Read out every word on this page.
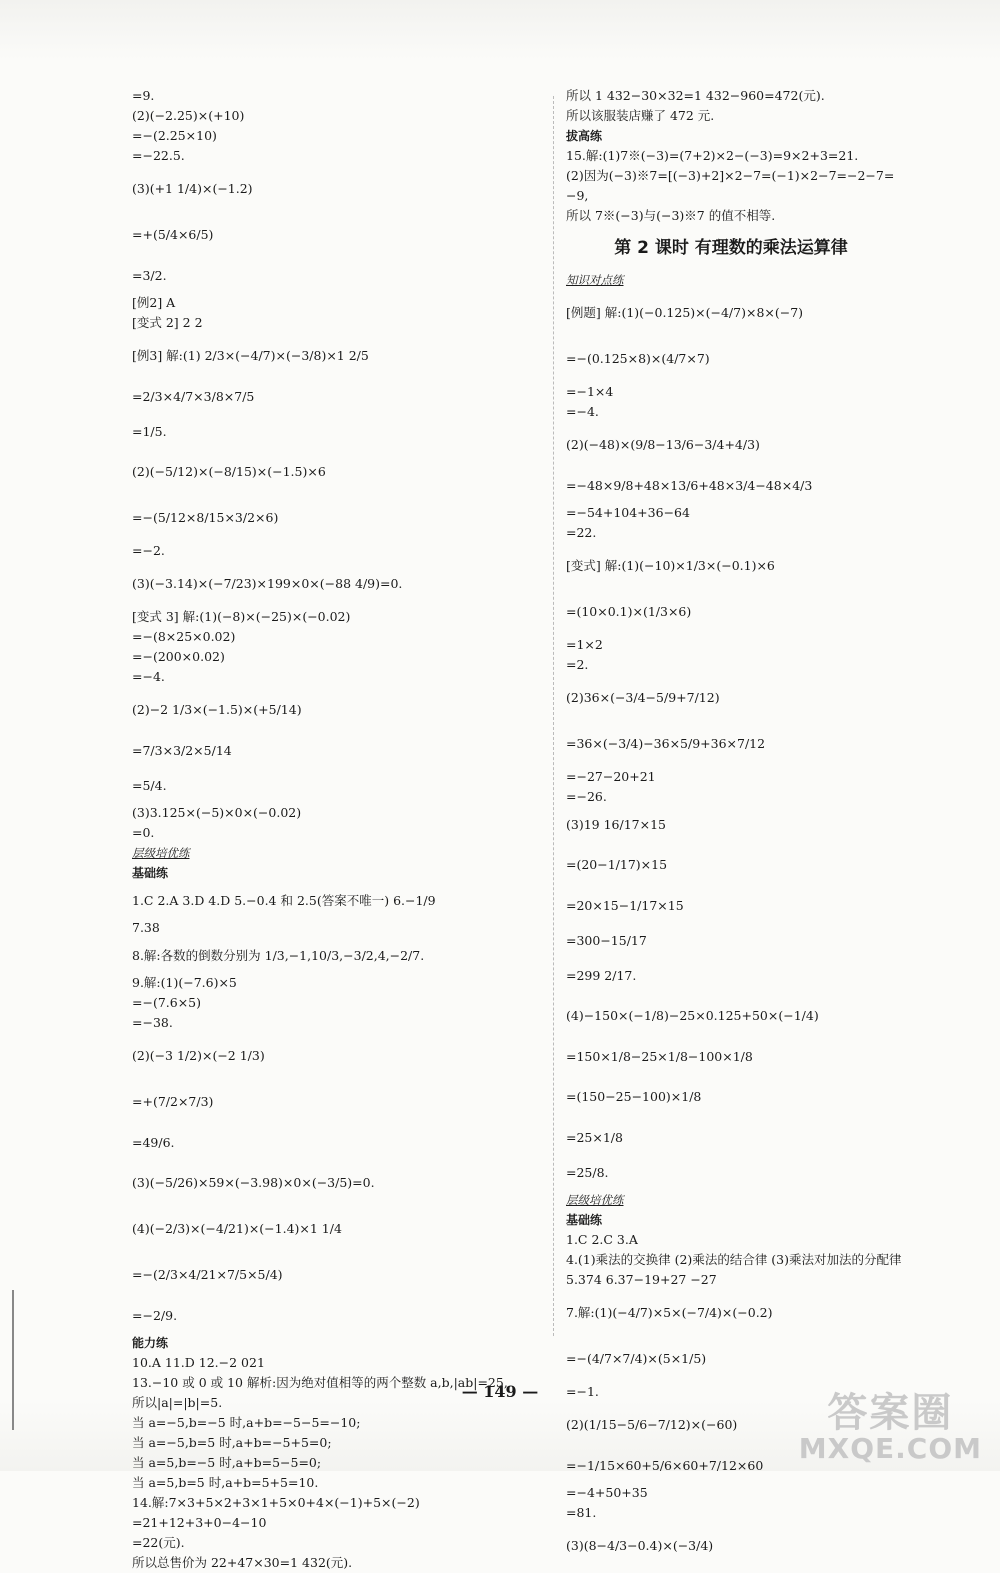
=9.
(2)(−2.25)×(+10)
=−(2.25×10)
=−22.5.
(3)(+1 1/4)×(−1.2)
=+(5/4×6/5)
=3/2.
[例2] A
[变式 2] 2 2
[例3] 解:(1) 2/3×(−4/7)×(−3/8)×1 2/5
=2/3×4/7×3/8×7/5
=1/5.
(2)(−5/12)×(−8/15)×(−1.5)×6
=−(5/12×8/15×3/2×6)
=−2.
(3)(−3.14)×(−7/23)×199×0×(−88 4/9)=0.
[变式 3] 解:(1)(−8)×(−25)×(−0.02)
=−(8×25×0.02)
=−(200×0.02)
=−4.
(2)−2 1/3×(−1.5)×(+5/14)
=7/3×3/2×5/14
=5/4.
(3)3.125×(−5)×0×(−0.02)
=0.
层级培优练
基础练
1.C 2.A 3.D 4.D 5.−0.4 和 2.5(答案不唯一) 6.−1/9
7.38
8.解:各数的倒数分别为 1/3,−1,10/3,−3/2,4,−2/7.
9.解:(1)(−7.6)×5
=−(7.6×5)
=−38.
(2)(−3 1/2)×(−2 1/3)
=+(7/2×7/3)
=49/6.
(3)(−5/26)×59×(−3.98)×0×(−3/5)=0.
(4)(−2/3)×(−4/21)×(−1.4)×1 1/4
=−(2/3×4/21×7/5×5/4)
=−2/9.
能力练
10.A 11.D 12.−2 021
13.−10 或 0 或 10 解析:因为绝对值相等的两个整数 a,b,|ab|=25,
所以|a|=|b|=5.
当 a=−5,b=−5 时,a+b=−5−5=−10;
当 a=−5,b=5 时,a+b=−5+5=0;
当 a=5,b=−5 时,a+b=5−5=0;
当 a=5,b=5 时,a+b=5+5=10.
14.解:7×3+5×2+3×1+5×0+4×(−1)+5×(−2)
=21+12+3+0−4−10
=22(元).
所以总售价为 22+47×30=1 432(元).
所以 1 432−30×32=1 432−960=472(元).
所以该服装店赚了 472 元.
拔高练
15.解:(1)7※(−3)=(7+2)×2−(−3)=9×2+3=21.
(2)因为(−3)※7=[(−3)+2]×2−7=(−1)×2−7=−2−7=
−9,
所以 7※(−3)与(−3)※7 的值不相等.
第 2 课时 有理数的乘法运算律
知识对点练
[例题] 解:(1)(−0.125)×(−4/7)×8×(−7)
=−(0.125×8)×(4/7×7)
=−1×4
=−4.
(2)(−48)×(9/8−13/6−3/4+4/3)
=−48×9/8+48×13/6+48×3/4−48×4/3
=−54+104+36−64
=22.
[变式] 解:(1)(−10)×1/3×(−0.1)×6
=(10×0.1)×(1/3×6)
=1×2
=2.
(2)36×(−3/4−5/9+7/12)
=36×(−3/4)−36×5/9+36×7/12
=−27−20+21
=−26.
(3)19 16/17×15
=(20−1/17)×15
=20×15−1/17×15
=300−15/17
=299 2/17.
(4)−150×(−1/8)−25×0.125+50×(−1/4)
=150×1/8−25×1/8−100×1/8
=(150−25−100)×1/8
=25×1/8
=25/8.
层级培优练
基础练
1.C 2.C 3.A
4.(1)乘法的交换律 (2)乘法的结合律 (3)乘法对加法的分配律
5.374 6.37−19+27 −27
7.解:(1)(−4/7)×5×(−7/4)×(−0.2)
=−(4/7×7/4)×(5×1/5)
=−1.
(2)(1/15−5/6−7/12)×(−60)
=−1/15×60+5/6×60+7/12×60
=−4+50+35
=81.
(3)(8−4/3−0.4)×(−3/4)
— 149 —	答案圈
MXQE.COM
